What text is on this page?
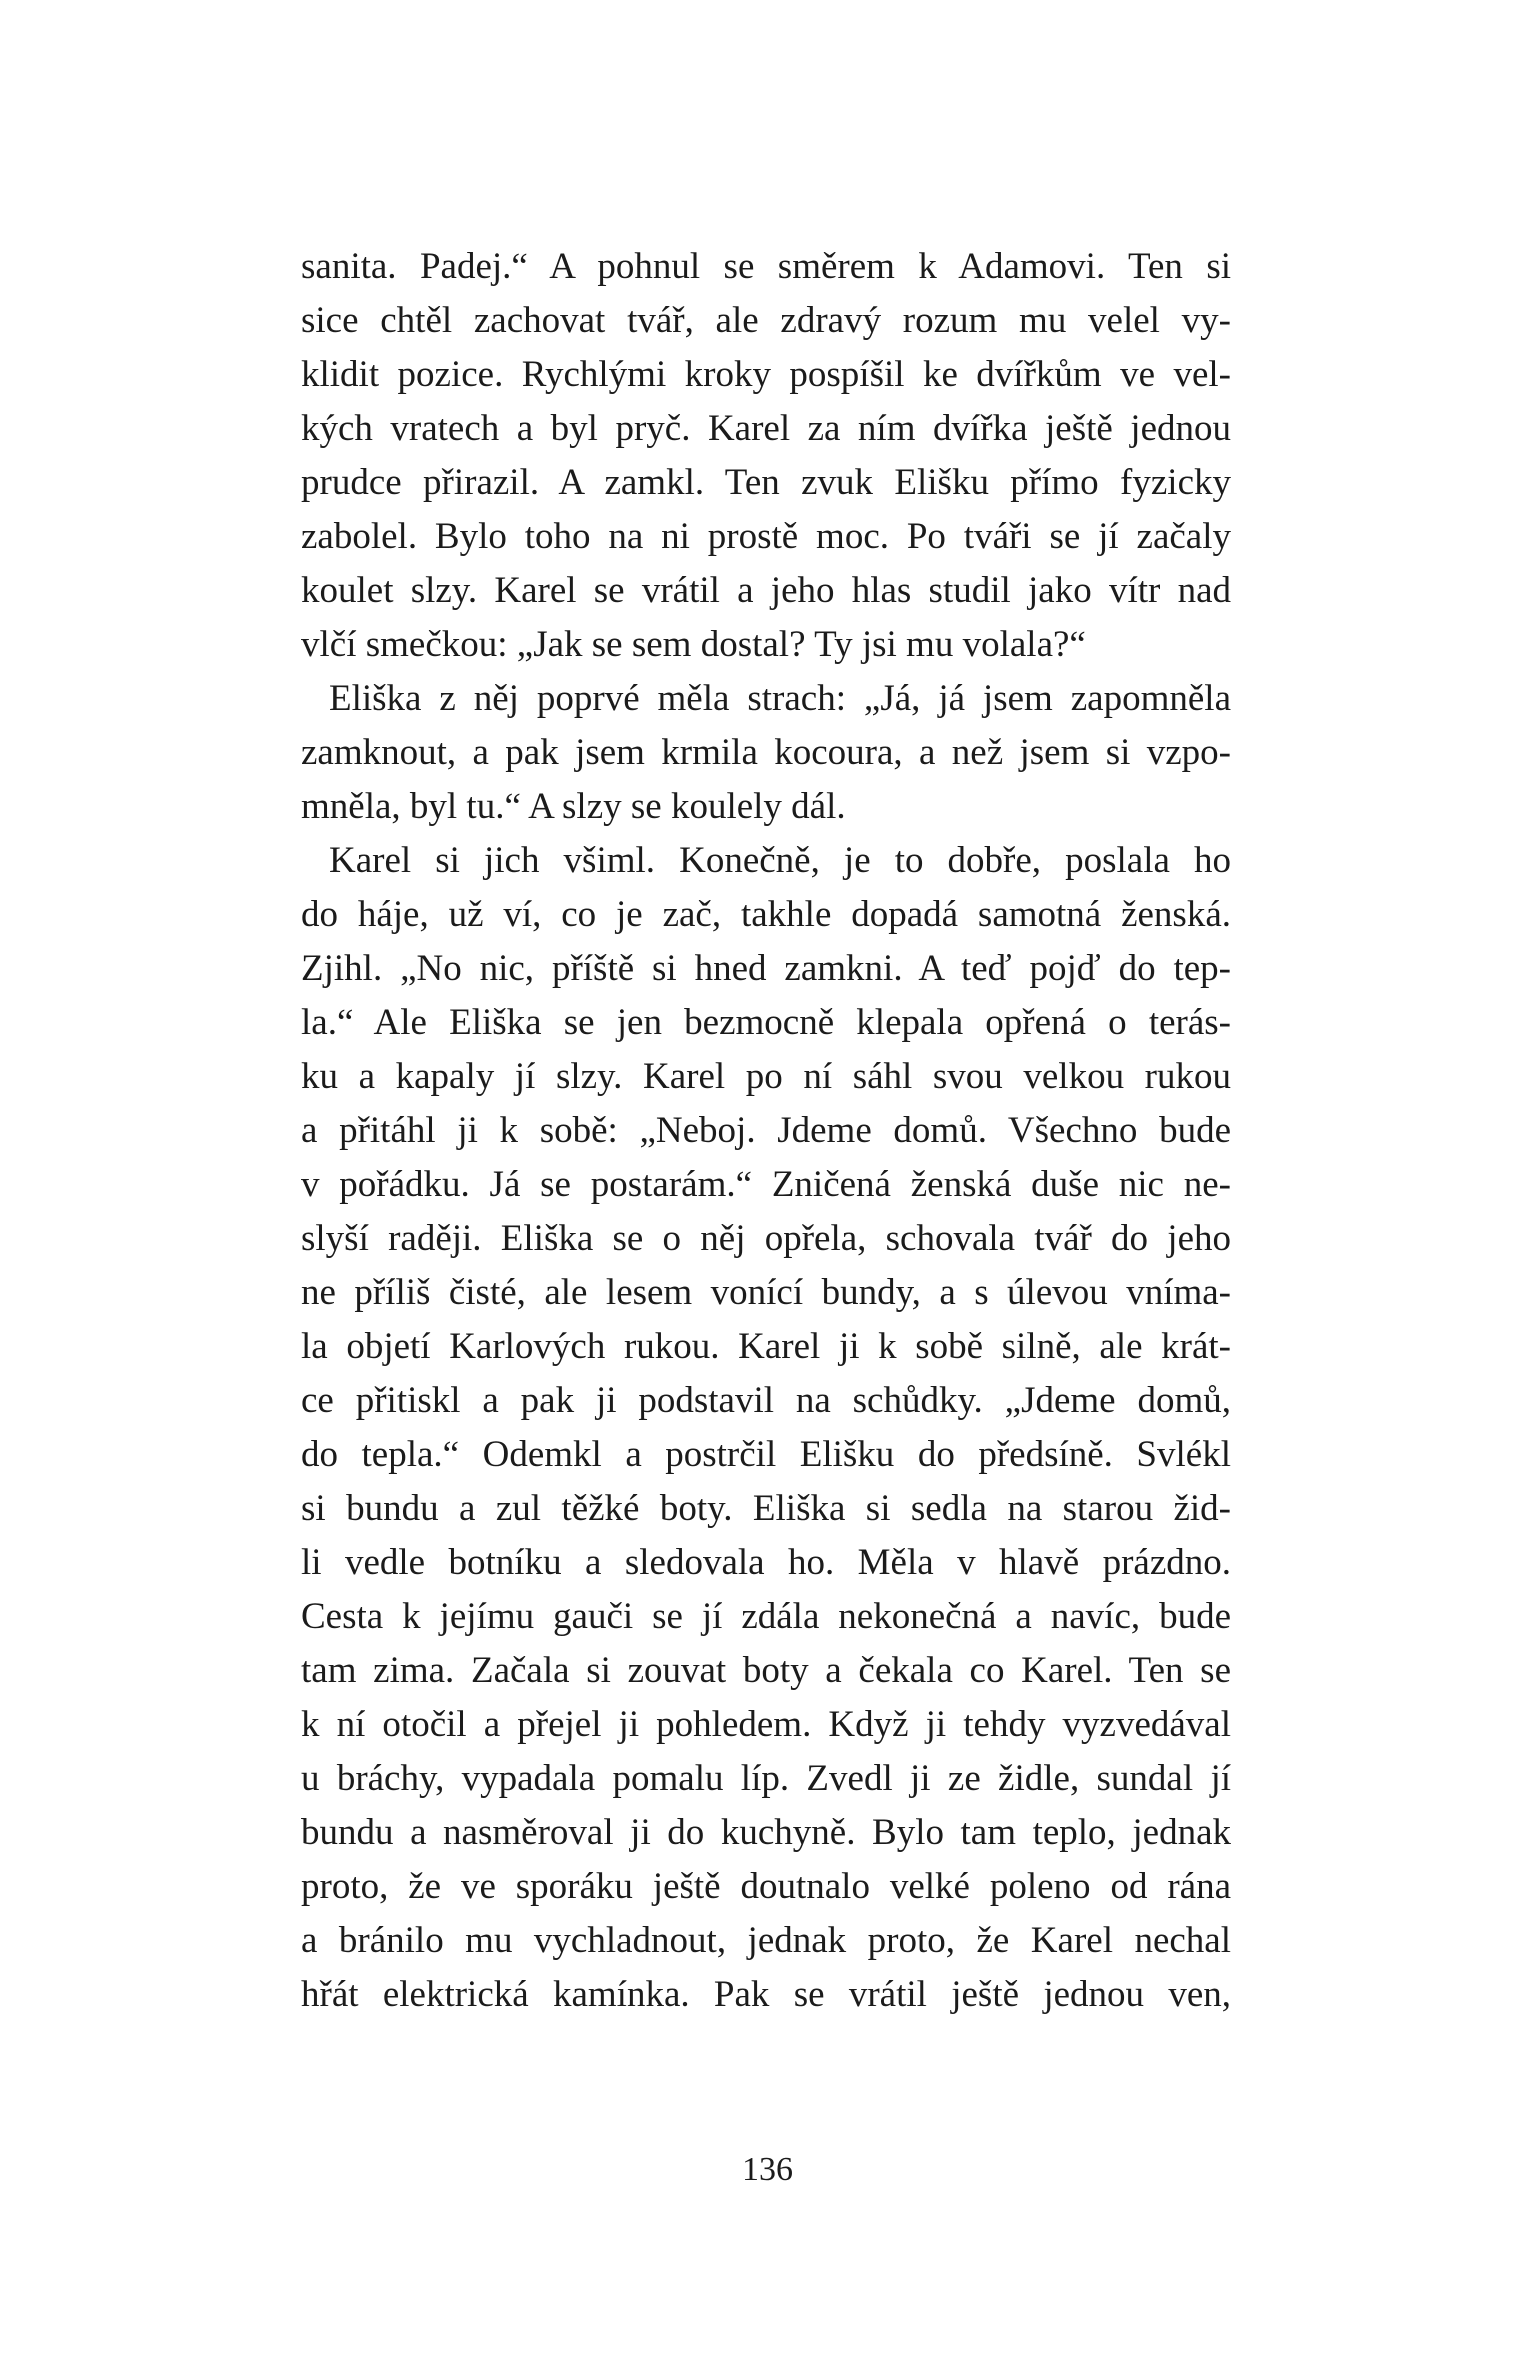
sanita. Padej.“ A pohnul se směrem k Adamovi. Ten si
sice chtěl zachovat tvář, ale zdravý rozum mu velel vy-
klidit pozice. Rychlými kroky pospíšil ke dvířkům ve vel-
kých vratech a byl pryč. Karel za ním dvířka ještě jednou
prudce přirazil. A zamkl. Ten zvuk Elišku přímo fyzicky
zabolel. Bylo toho na ni prostě moc. Po tváři se jí začaly
koulet slzy. Karel se vrátil a jeho hlas studil jako vítr nad
vlčí smečkou: „Jak se sem dostal? Ty jsi mu volala?“
Eliška z něj poprvé měla strach: „Já, já jsem zapomněla
zamknout, a pak jsem krmila kocoura, a než jsem si vzpo-
mněla, byl tu.“ A slzy se koulely dál.
Karel si jich všiml. Konečně, je to dobře, poslala ho
do háje, už ví, co je zač, takhle dopadá samotná ženská.
Zjihl. „No nic, příště si hned zamkni. A teď pojď do tep-
la.“ Ale Eliška se jen bezmocně klepala opřená o terás-
ku a kapaly jí slzy. Karel po ní sáhl svou velkou rukou
a přitáhl ji k sobě: „Neboj. Jdeme domů. Všechno bude
v pořádku. Já se postarám.“ Zničená ženská duše nic ne-
slyší raději. Eliška se o něj opřela, schovala tvář do jeho
ne příliš čisté, ale lesem vonící bundy, a s úlevou vníma-
la objetí Karlových rukou. Karel ji k sobě silně, ale krát-
ce přitiskl a pak ji podstavil na schůdky. „Jdeme domů,
do tepla.“ Odemkl a postrčil Elišku do předsíně. Svlékl
si bundu a zul těžké boty. Eliška si sedla na starou žid-
li vedle botníku a sledovala ho. Měla v hlavě prázdno.
Cesta k jejímu gauči se jí zdála nekonečná a navíc, bude
tam zima. Začala si zouvat boty a čekala co Karel. Ten se
k ní otočil a přejel ji pohledem. Když ji tehdy vyzvedával
u bráchy, vypadala pomalu líp. Zvedl ji ze židle, sundal jí
bundu a nasměroval ji do kuchyně. Bylo tam teplo, jednak
proto, že ve sporáku ještě doutnalo velké poleno od rána
a bránilo mu vychladnout, jednak proto, že Karel nechal
hřát elektrická kamínka. Pak se vrátil ještě jednou ven,
136
